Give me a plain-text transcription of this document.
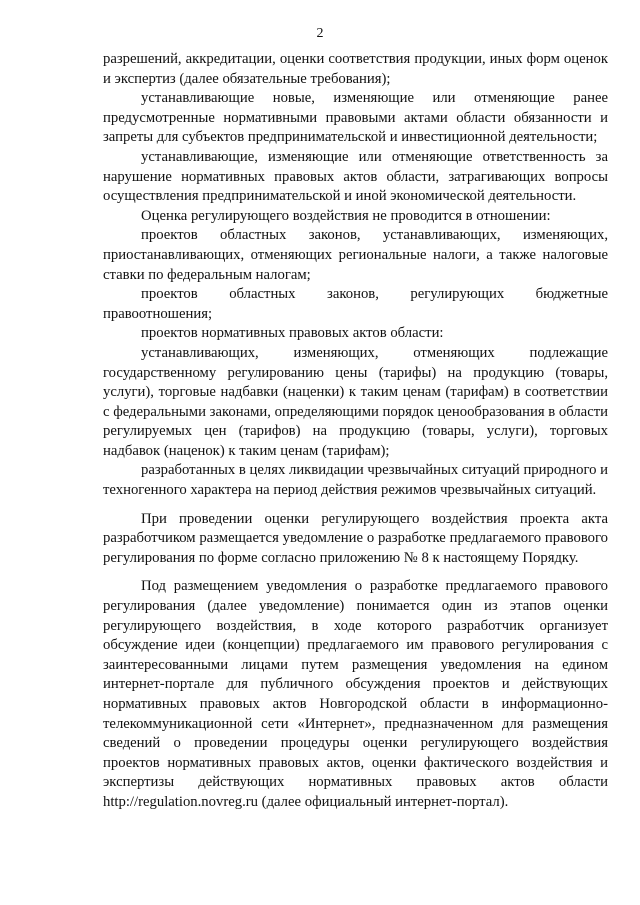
2

разрешений, аккредитации, оценки соответствия продукции, иных форм оценок и экспертиз (далее обязательные требования);

устанавливающие новые, изменяющие или отменяющие ранее предусмотренные нормативными правовыми актами области обязанности и запреты для субъектов предпринимательской и инвестиционной деятельности;

устанавливающие, изменяющие или отменяющие ответственность за нарушение нормативных правовых актов области, затрагивающих вопросы осуществления предпринимательской и иной экономической деятельности.

Оценка регулирующего воздействия не проводится в отношении:

проектов областных законов, устанавливающих, изменяющих, приостанавливающих, отменяющих региональные налоги, а также налоговые ставки по федеральным налогам;

проектов областных законов, регулирующих бюджетные правоотношения;

проектов нормативных правовых актов области:

устанавливающих, изменяющих, отменяющих подлежащие государственному регулированию цены (тарифы) на продукцию (товары, услуги), торговые надбавки (наценки) к таким ценам (тарифам) в соответствии с федеральными законами, определяющими порядок ценообразования в области регулируемых цен (тарифов) на продукцию (товары, услуги), торговых надбавок (наценок) к таким ценам (тарифам);

разработанных в целях ликвидации чрезвычайных ситуаций природного и техногенного характера на период действия режимов чрезвычайных ситуаций.

При проведении оценки регулирующего воздействия проекта акта разработчиком размещается уведомление о разработке предлагаемого правового регулирования по форме согласно приложению № 8 к настоящему Порядку.

Под размещением уведомления о разработке предлагаемого правового регулирования (далее уведомление) понимается один из этапов оценки регулирующего воздействия, в ходе которого разработчик организует обсуждение идеи (концепции) предлагаемого им правового регулирования с заинтересованными лицами путем размещения уведомления на едином интернет-портале для публичного обсуждения проектов и действующих нормативных правовых актов Новгородской области в информационно-телекоммуникационной сети «Интернет», предназначенном для размещения сведений о проведении процедуры оценки регулирующего воздействия проектов нормативных правовых актов, оценки фактического воздействия и экспертизы действующих нормативных правовых актов области http://regulation.novreg.ru (далее официальный интернет-портал).
